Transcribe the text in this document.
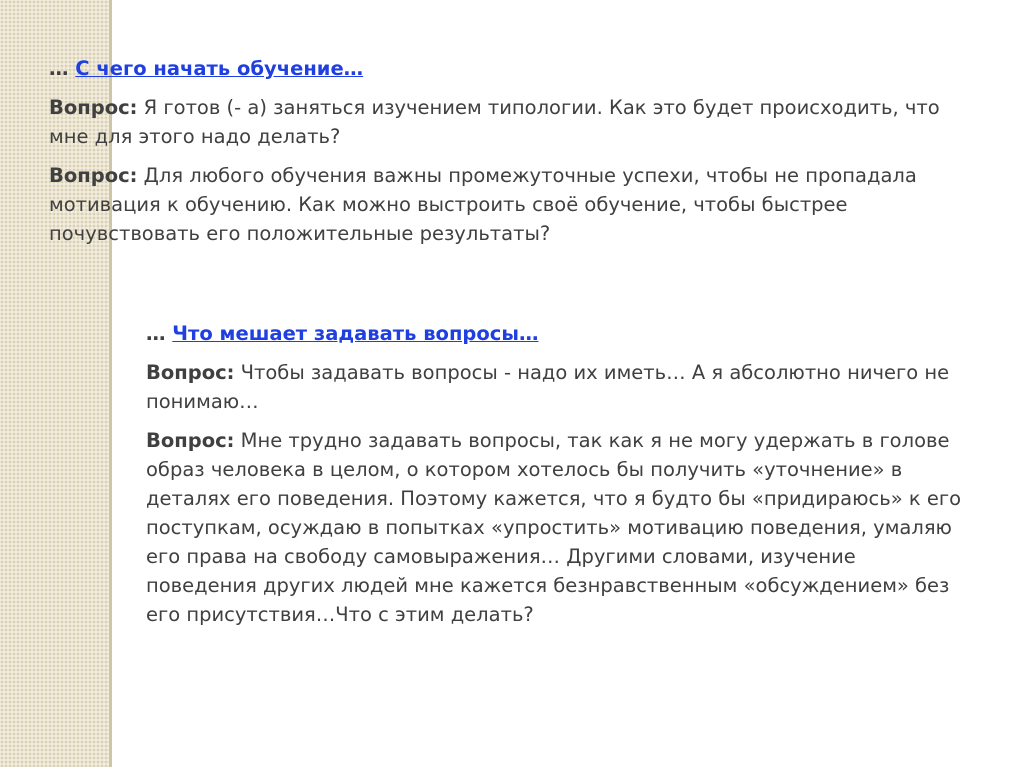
… С чего начать обучение…

Вопрос: Я готов (- а) заняться изучением типологии. Как это будет происходить, что мне для этого надо делать?

Вопрос: Для любого обучения важны промежуточные успехи, чтобы не пропадала мотивация к обучению. Как можно выстроить своё обучение, чтобы быстрее почувствовать его положительные результаты?

… Что мешает задавать вопросы…

Вопрос: Чтобы задавать вопросы - надо их иметь… А я абсолютно ничего не понимаю…

Вопрос: Мне трудно задавать вопросы, так как я не могу удержать в голове образ человека в целом, о котором хотелось бы получить «уточнение» в деталях его поведения. Поэтому кажется, что я будто бы «придираюсь» к его поступкам, осуждаю в попытках «упростить» мотивацию поведения, умаляю его права на свободу самовыражения… Другими словами, изучение поведения других людей мне кажется безнравственным «обсуждением» без его присутствия…Что с этим делать?
